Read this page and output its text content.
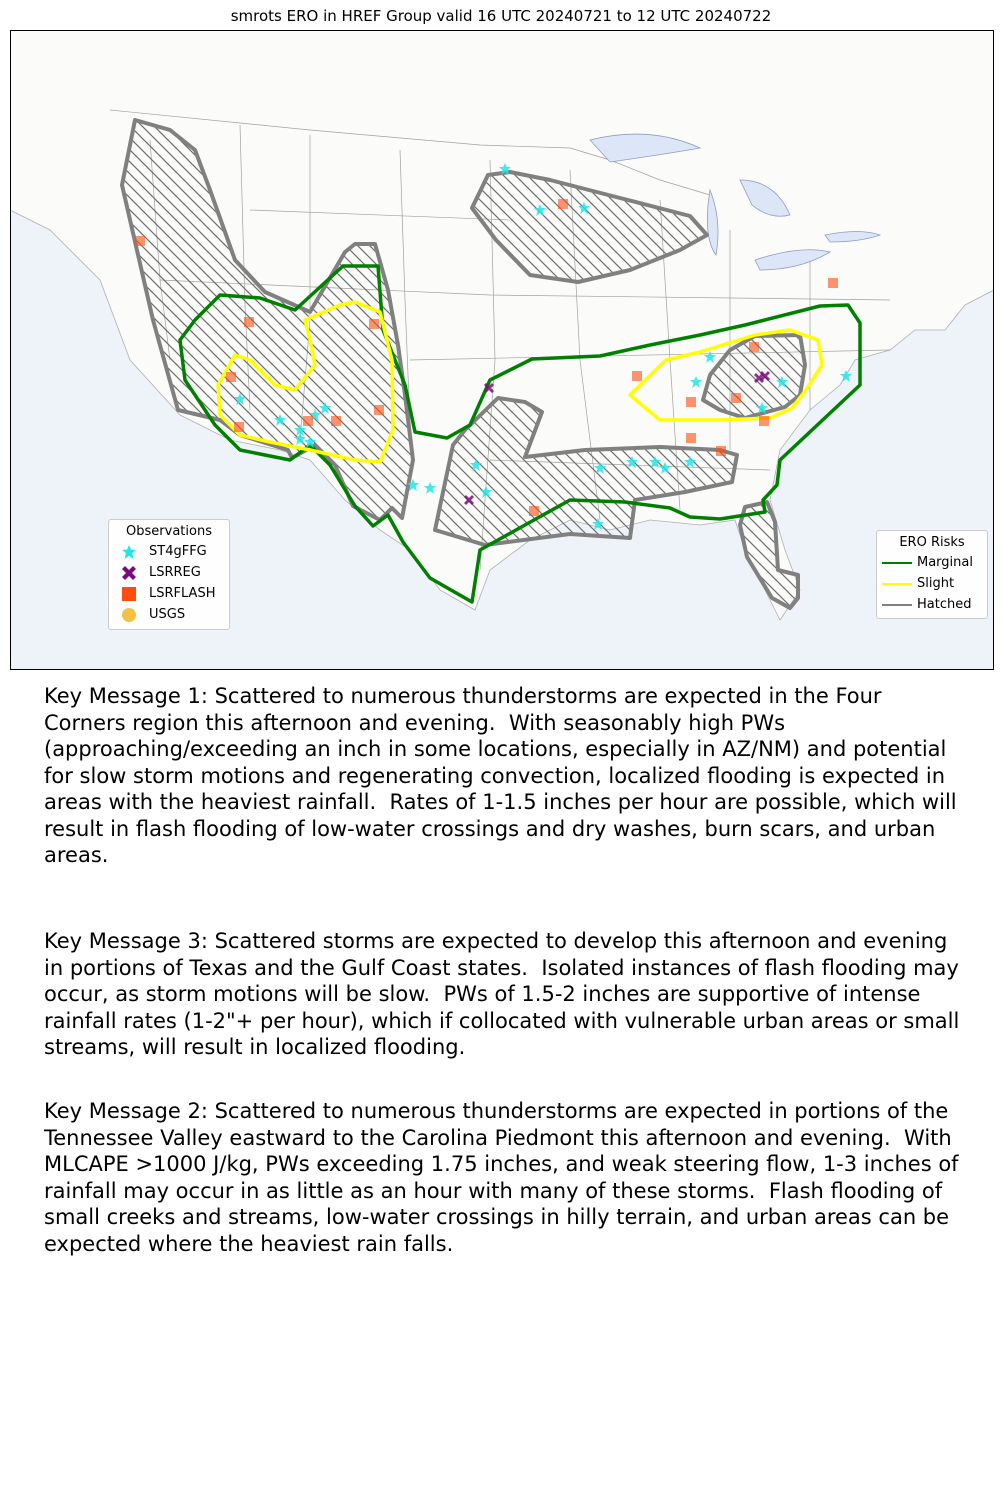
smrots ERO in HREF Group valid 16 UTC 20240721 to 12 UTC 20240722
Observations
ST4gFFG
LSRREG
LSRFLASH
USGS
ERO Risks
Marginal
Slight
Hatched
Key Message 1: Scattered to numerous thunderstorms are expected in the Four Corners region this afternoon and evening.  With seasonably high PWs (approaching/exceeding an inch in some locations, especially in AZ/NM) and potential for slow storm motions and regenerating convection, localized flooding is expected in areas with the heaviest rainfall.  Rates of 1-1.5 inches per hour are possible, which will result in flash flooding of low-water crossings and dry washes, burn scars, and urban areas.
Key Message 3: Scattered storms are expected to develop this afternoon and evening in portions of Texas and the Gulf Coast states.  Isolated instances of flash flooding may occur, as storm motions will be slow.  PWs of 1.5-2 inches are supportive of intense rainfall rates (1-2"+ per hour), which if collocated with vulnerable urban areas or small streams, will result in localized flooding.
Key Message 2: Scattered to numerous thunderstorms are expected in portions of the Tennessee Valley eastward to the Carolina Piedmont this afternoon and evening.  With MLCAPE >1000 J/kg, PWs exceeding 1.75 inches, and weak steering flow, 1-3 inches of rainfall may occur in as little as an hour with many of these storms.  Flash flooding of small creeks and streams, low-water crossings in hilly terrain, and urban areas can be expected where the heaviest rain falls.
